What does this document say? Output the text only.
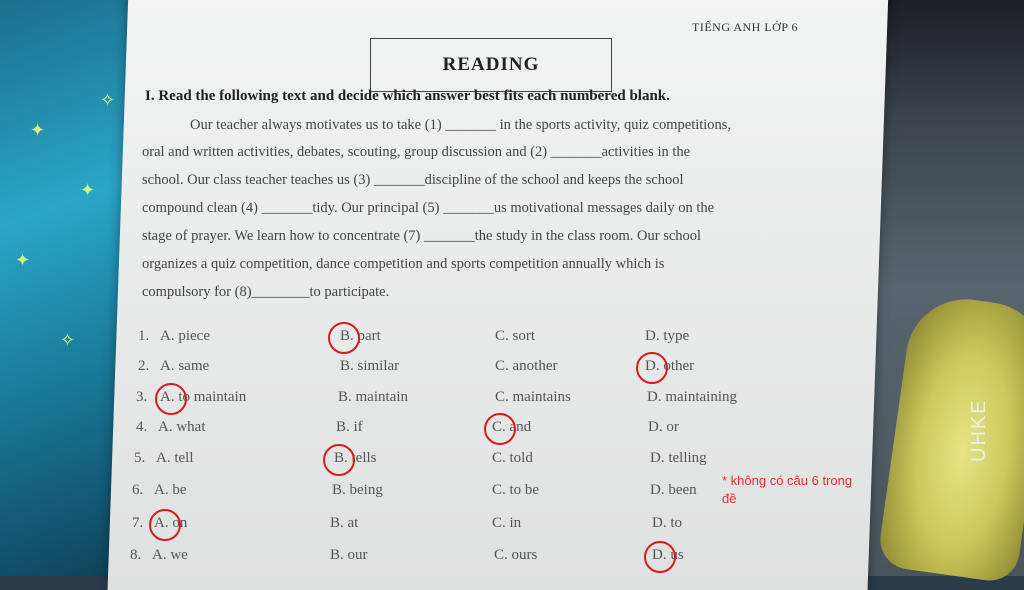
✦
✦
✦
✧
✧
UHKE
TIẾNG ANH LỚP 6
READING
I. Read the following text and decide which answer best fits each numbered blank.
Our teacher always motivates us to take (1) _______ in the sports activity, quiz competitions,
oral and written activities, debates, scouting, group discussion and (2) _______activities in the
school. Our class teacher teaches us (3) _______discipline of the school and keeps the school
compound clean (4) _______tidy. Our principal (5) _______us motivational messages daily on the
stage of prayer. We learn how to concentrate (7) _______the study in the class room. Our school
organizes a quiz competition, dance competition and sports competition annually which is
compulsory for (8)________to participate.
1. A. piece	B. part	C. sort	D. type
2. A. same	B. similar	C. another	D. other
3. A. to maintain	B. maintain	C. maintains	D. maintaining
4. A. what	B. if	C. and	D. or
5. A. tell	B. tells	C. told	D. telling
6. A. be	B. being	C. to be	D. been
7. A. on	B. at	C. in	D. to
8. A. we	B. our	C. ours	D. us
* không có câu 6 trong đề
